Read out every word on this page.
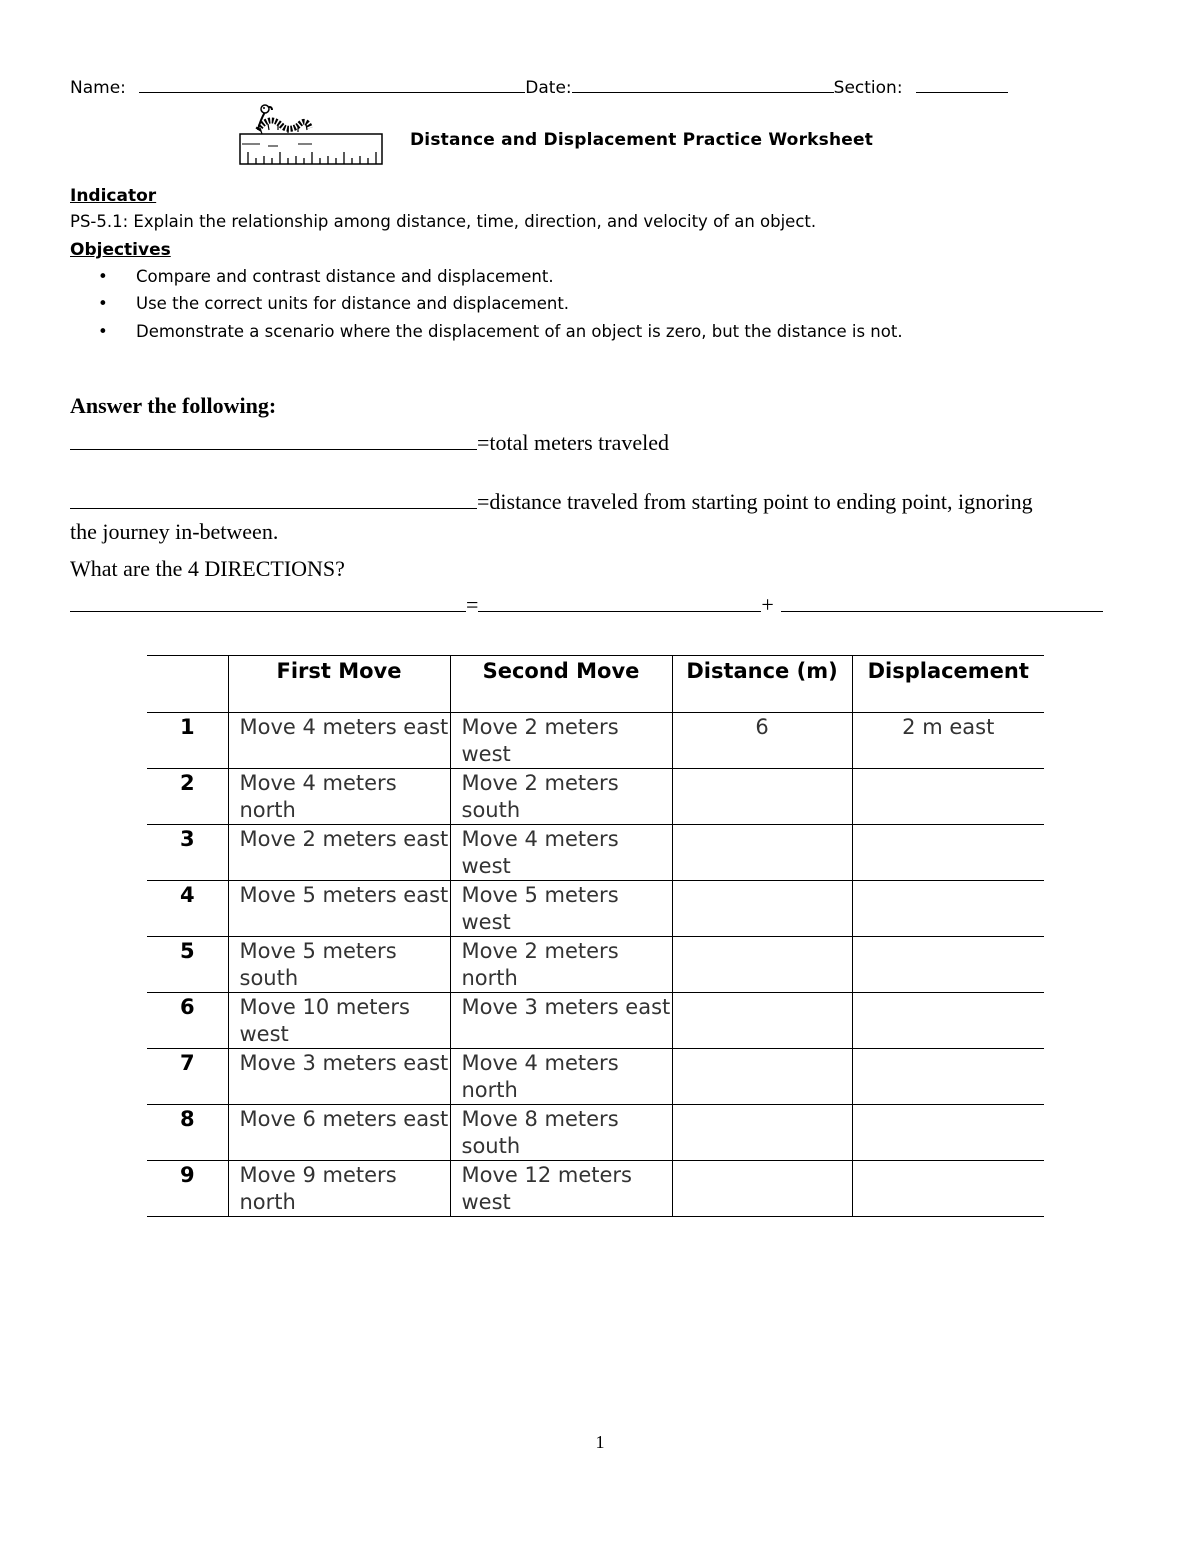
Name:	Date:	Section:
Distance and Displacement Practice Worksheet
Indicator
PS-5.1: Explain the relationship among distance, time, direction, and velocity of an object.
Objectives
• Compare and contrast distance and displacement.
• Use the correct units for distance and displacement.
• Demonstrate a scenario where the displacement of an object is zero, but the distance is not.
Answer the following:
=total meters traveled
=distance traveled from starting point to ending point, ignoring
the journey in-between.
What are the 4 DIRECTIONS?
=	+
	First Move	Second Move	Distance (m)	Displacement
1	Move 4 meters east	Move 2 meters west	6	2 m east
2	Move 4 meters north	Move 2 meters south		
3	Move 2 meters east	Move 4 meters west		
4	Move 5 meters east	Move 5 meters west		
5	Move 5 meters south	Move 2 meters north		
6	Move 10 meters west	Move 3 meters east		
7	Move 3 meters east	Move 4 meters north		
8	Move 6 meters east	Move 8 meters south		
9	Move 9 meters north	Move 12 meters west		
1
